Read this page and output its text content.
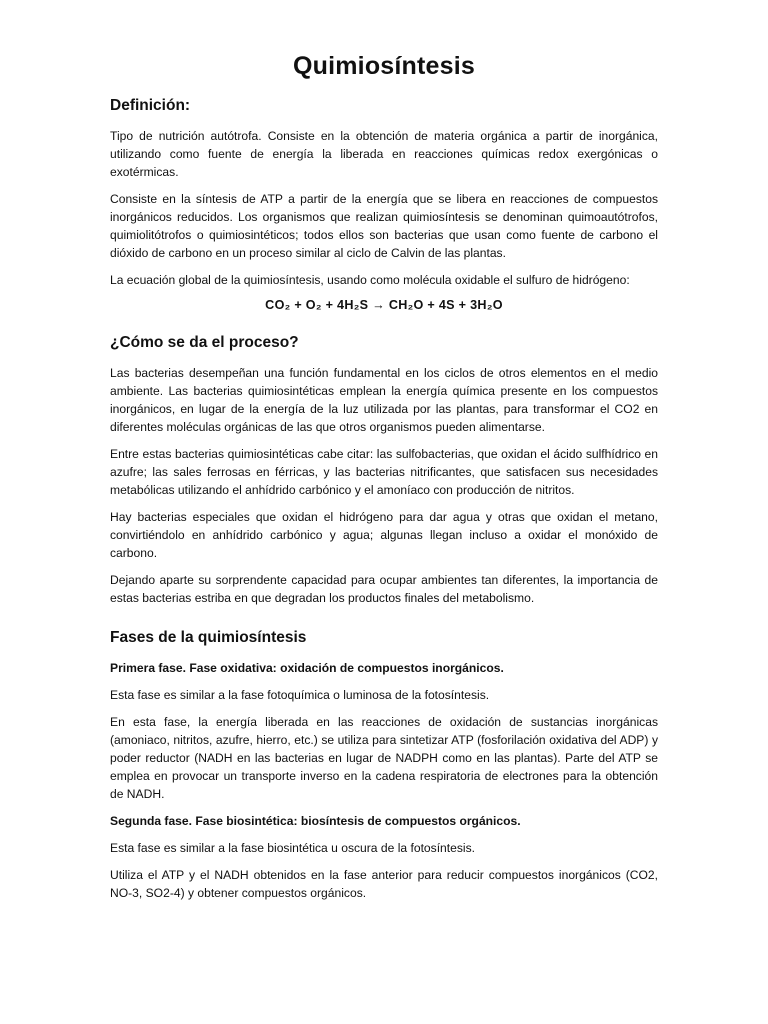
Quimiosíntesis
Definición:

Tipo de nutrición autótrofa. Consiste en la obtención de materia orgánica a partir de inorgánica, utilizando como fuente de energía la liberada en reacciones químicas redox exergónicas o exotérmicas.

Consiste en la síntesis de ATP a partir de la energía que se libera en reacciones de compuestos inorgánicos reducidos. Los organismos que realizan quimiosíntesis se denominan quimoautótrofos, quimiolitótrofos o quimiosintéticos; todos ellos son bacterias que usan como fuente de carbono el dióxido de carbono en un proceso similar al ciclo de Calvin de las plantas.

La ecuación global de la quimiosíntesis, usando como molécula oxidable el sulfuro de hidrógeno:

CO₂ + O₂ + 4H₂S → CH₂O + 4S + 3H₂O
¿Cómo se da el proceso?

Las bacterias desempeñan una función fundamental en los ciclos de otros elementos en el medio ambiente. Las bacterias quimiosintéticas emplean la energía química presente en los compuestos inorgánicos, en lugar de la energía de la luz utilizada por las plantas, para transformar el CO2 en diferentes moléculas orgánicas de las que otros organismos pueden alimentarse.

Entre estas bacterias quimiosintéticas cabe citar: las sulfobacterias, que oxidan el ácido sulfhídrico en azufre; las sales ferrosas en férricas, y las bacterias nitrificantes, que satisfacen sus necesidades metabólicas utilizando el anhídrido carbónico y el amoníaco con producción de nitritos.

Hay bacterias especiales que oxidan el hidrógeno para dar agua y otras que oxidan el metano, convirtiéndolo en anhídrido carbónico y agua; algunas llegan incluso a oxidar el monóxido de carbono.

Dejando aparte su sorprendente capacidad para ocupar ambientes tan diferentes, la importancia de estas bacterias estriba en que degradan los productos finales del metabolismo.

Fases de la quimiosíntesis

Primera fase. Fase oxidativa: oxidación de compuestos inorgánicos.

Esta fase es similar a la fase fotoquímica o luminosa de la fotosíntesis.

En esta fase, la energía liberada en las reacciones de oxidación de sustancias inorgánicas (amoniaco, nitritos, azufre, hierro, etc.) se utiliza para sintetizar ATP (fosforilación oxidativa del ADP) y poder reductor (NADH en las bacterias en lugar de NADPH como en las plantas). Parte del ATP se emplea en provocar un transporte inverso en la cadena respiratoria de electrones para la obtención de NADH.

Segunda fase. Fase biosintética: biosíntesis de compuestos orgánicos.

Esta fase es similar a la fase biosintética u oscura de la fotosíntesis.

Utiliza el ATP y el NADH obtenidos en la fase anterior para reducir compuestos inorgánicos (CO2, NO-3, SO2-4) y obtener compuestos orgánicos.
